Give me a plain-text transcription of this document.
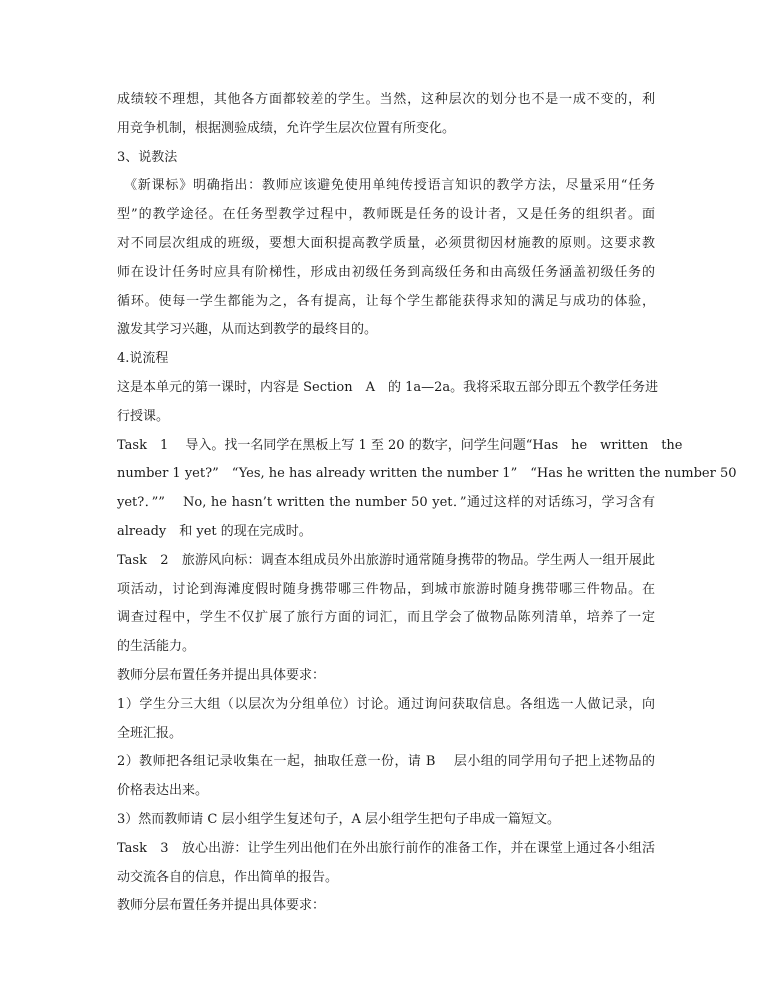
成绩较不理想，其他各方面都较差的学生。当然，这种层次的划分也不是一成不变的，利
用竞争机制，根据测验成绩，允许学生层次位置有所变化。

3、说教法

《新课标》明确指出：教师应该避免使用单纯传授语言知识的教学方法，尽量采用“任务
型”的教学途径。在任务型教学过程中，教师既是任务的设计者，又是任务的组织者。面
对不同层次组成的班级，要想大面积提高教学质量，必须贯彻因材施教的原则。这要求教
师在设计任务时应具有阶梯性，形成由初级任务到高级任务和由高级任务涵盖初级任务的
循环。使每一学生都能为之，各有提高，让每个学生都能获得求知的满足与成功的体验，
激发其学习兴趣，从而达到教学的最终目的。

4.说流程

这是本单元的第一课时，内容是 Section　A　的 1a—2a。我将采取五部分即五个教学任务进
行授课。

Task　1　 导入。找一名同学在黑板上写 1 至 20 的数字，问学生问题“Has　he　written　the
number 1 yet?”　“Yes, he has already written the number 1”　“Has he written the number 50
yet?．”” 　No, he hasn’t written the number 50 yet．”通过这样的对话练习，学习含有
already　和 yet 的现在完成时。

Task　2　旅游风向标：调查本组成员外出旅游时通常随身携带的物品。学生两人一组开展此
项活动，讨论到海滩度假时随身携带哪三件物品，到城市旅游时随身携带哪三件物品。在
调查过程中，学生不仅扩展了旅行方面的词汇，而且学会了做物品陈列清单，培养了一定
的生活能力。

教师分层布置任务并提出具体要求：

1）学生分三大组（以层次为分组单位）讨论。通过询问获取信息。各组选一人做记录，向
全班汇报。

2）教师把各组记录收集在一起，抽取任意一份，请 B　 层小组的同学用句子把上述物品的
价格表达出来。

3）然而教师请 C 层小组学生复述句子，A 层小组学生把句子串成一篇短文。

Task　3　放心出游：让学生列出他们在外出旅行前作的准备工作，并在课堂上通过各小组活
动交流各自的信息，作出简单的报告。

教师分层布置任务并提出具体要求：
